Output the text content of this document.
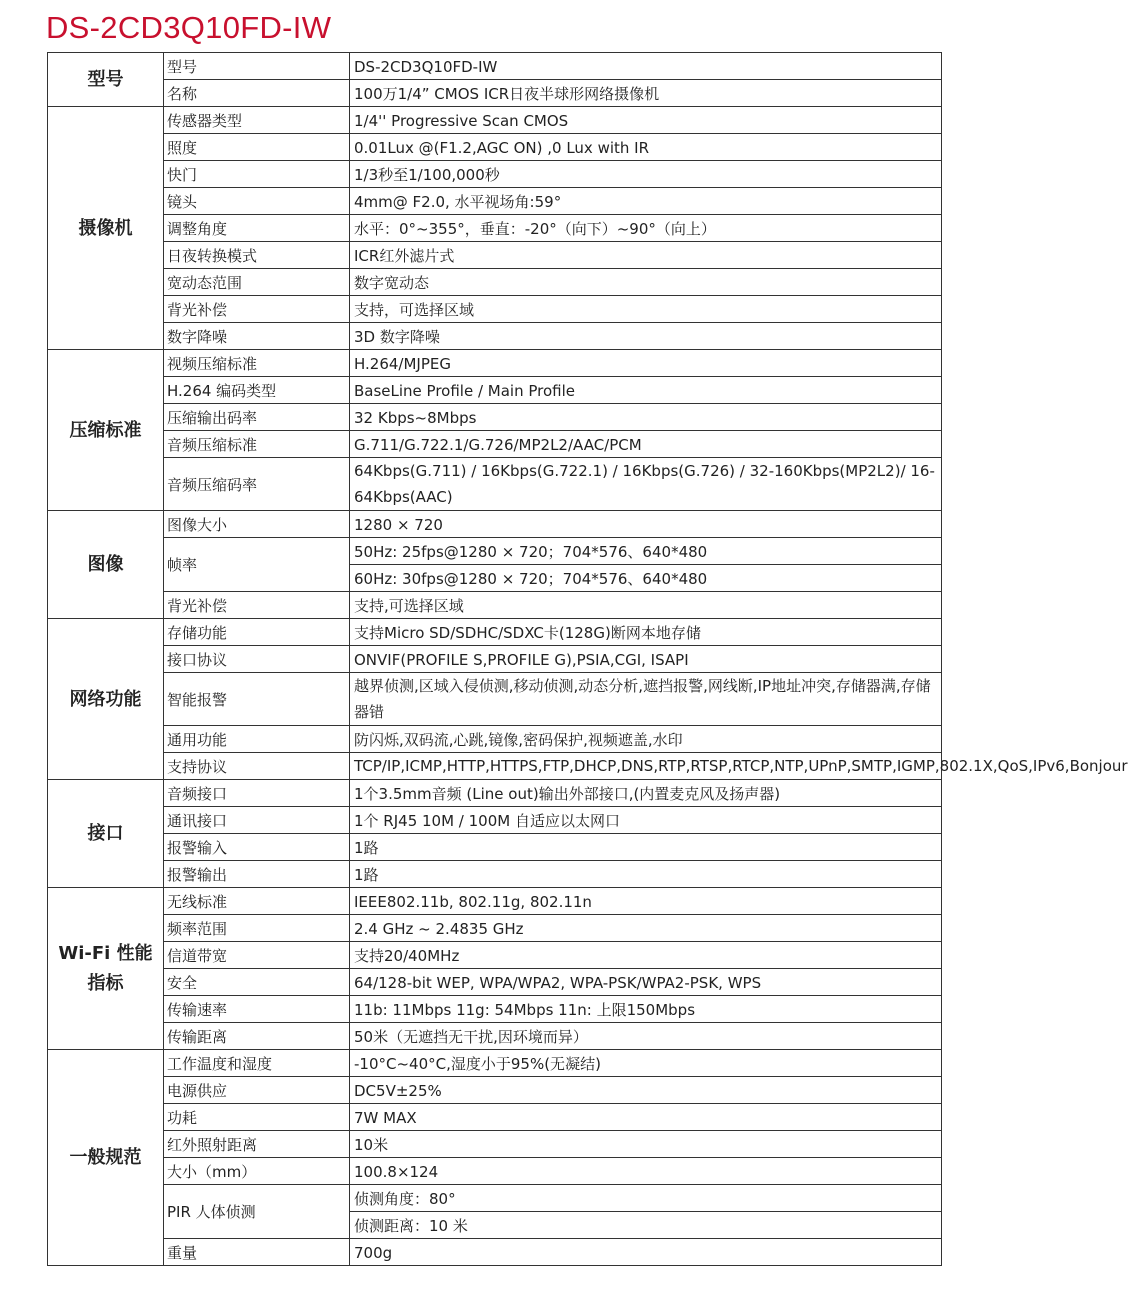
DS-2CD3Q10FD-IW
型号	型号	DS-2CD3Q10FD-IW
	名称	100万1/4” CMOS ICR日夜半球形网络摄像机
摄像机	传感器类型	1/4'' Progressive Scan CMOS
	照度	0.01Lux @(F1.2,AGC ON) ,0 Lux with IR
	快门	1/3秒至1/100,000秒
	镜头	4mm@ F2.0, 水平视场角:59°
	调整角度	水平：0°~355°，垂直：-20°（向下）~90°（向上）
	日夜转换模式	ICR红外滤片式
	宽动态范围	数字宽动态
	背光补偿	支持，可选择区域
	数字降噪	3D 数字降噪
压缩标准	视频压缩标准	H.264/MJPEG
	H.264 编码类型	BaseLine Profile / Main Profile
	压缩输出码率	32 Kbps~8Mbps
	音频压缩标准	G.711/G.722.1/G.726/MP2L2/AAC/PCM
	音频压缩码率	64Kbps(G.711) / 16Kbps(G.722.1) / 16Kbps(G.726) / 32-160Kbps(MP2L2)/ 16-64Kbps(AAC)
图像	图像大小	1280 × 720
	帧率	50Hz: 25fps@1280 × 720；704*576、640*480
		60Hz: 30fps@1280 × 720；704*576、640*480
	背光补偿	支持,可选择区域
网络功能	存储功能	支持Micro SD/SDHC/SDXC卡(128G)断网本地存储
	接口协议	ONVIF(PROFILE S,PROFILE G),PSIA,CGI, ISAPI
	智能报警	越界侦测,区域入侵侦测,移动侦测,动态分析,遮挡报警,网线断,IP地址冲突,存储器满,存储器错
	通用功能	防闪烁,双码流,心跳,镜像,密码保护,视频遮盖,水印
	支持协议	TCP/IP,ICMP,HTTP,HTTPS,FTP,DHCP,DNS,RTP,RTSP,RTCP,NTP,UPnP,SMTP,IGMP,802.1X,QoS,IPv6,Bonjour
接口	音频接口	1个3.5mm音频 (Line out)输出外部接口,(内置麦克风及扬声器)
	通讯接口	1个 RJ45 10M / 100M 自适应以太网口
	报警输入	1路
	报警输出	1路
Wi-Fi 性能指标	无线标准	IEEE802.11b, 802.11g, 802.11n
	频率范围	2.4 GHz ~ 2.4835 GHz
	信道带宽	支持20/40MHz
	安全	64/128-bit WEP, WPA/WPA2, WPA-PSK/WPA2-PSK, WPS
	传输速率	11b: 11Mbps 11g: 54Mbps 11n: 上限150Mbps
	传输距离	50米（无遮挡无干扰,因环境而异）
一般规范	工作温度和湿度	-10°C~40°C,湿度小于95%(无凝结)
	电源供应	DC5V±25%
	功耗	7W MAX
	红外照射距离	10米
	大小（mm）	100.8×124
	PIR 人体侦测	侦测角度：80°
		侦测距离：10 米
	重量	700g
